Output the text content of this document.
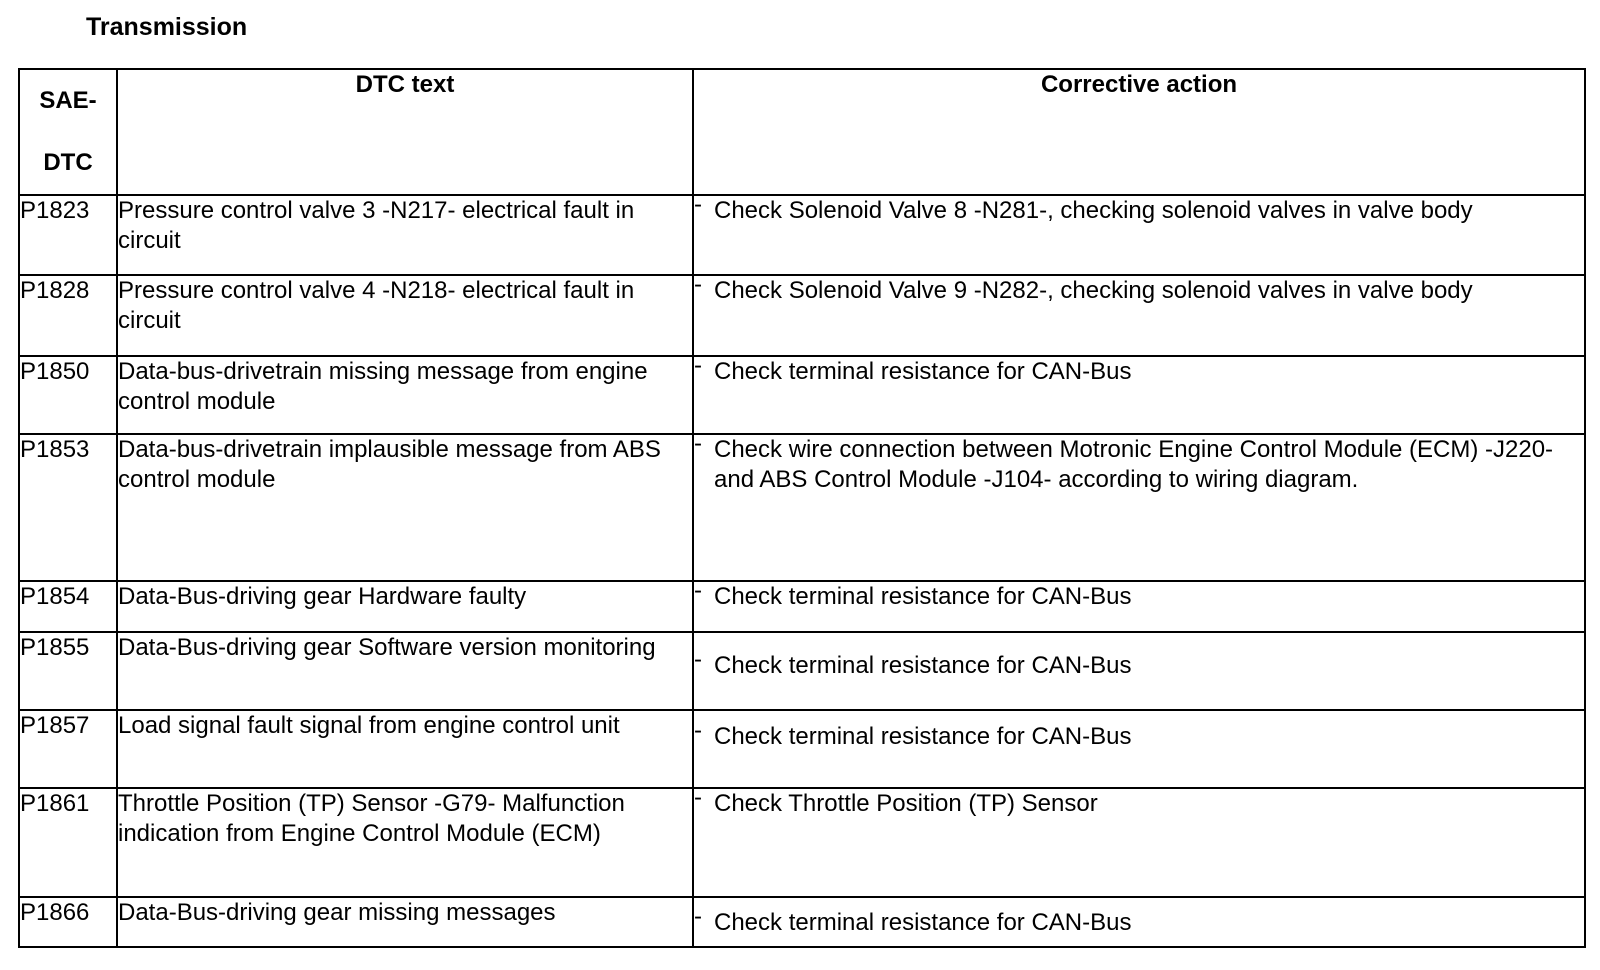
Transmission
SAE-
DTC	DTC text	Corrective action
P1823	Pressure control valve 3 -N217- electrical fault in circuit	- Check Solenoid Valve 8 -N281-, checking solenoid valves in valve body

P1828	Pressure control valve 4 -N218- electrical fault in circuit	- Check Solenoid Valve 9 -N282-, checking solenoid valves in valve body

P1850	Data-bus-drivetrain missing message from engine control module	- Check terminal resistance for CAN-Bus

P1853	Data-bus-drivetrain implausible message from ABS control module	- Check wire connection between Motronic Engine Control Module (ECM) -J220- and ABS Control Module -J104- according to wiring diagram.

P1854	Data-Bus-driving gear Hardware faulty	- Check terminal resistance for CAN-Bus

P1855	Data-Bus-driving gear Software version monitoring	- Check terminal resistance for CAN-Bus

P1857	Load signal fault signal from engine control unit	- Check terminal resistance for CAN-Bus

P1861	Throttle Position (TP) Sensor -G79- Malfunction indication from Engine Control Module (ECM)	- Check Throttle Position (TP) Sensor

P1866	Data-Bus-driving gear missing messages	- Check terminal resistance for CAN-Bus
